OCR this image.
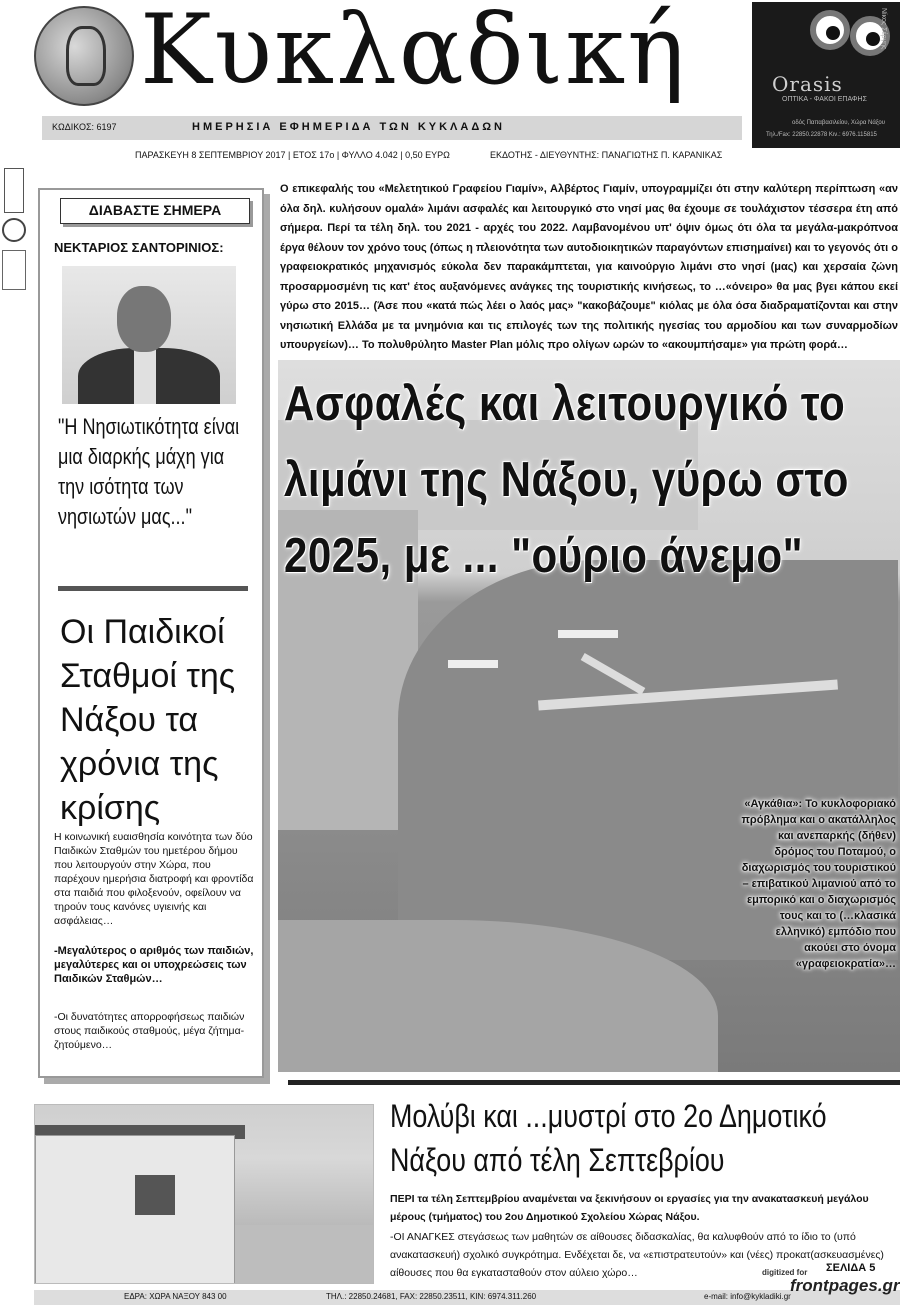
Κυκλαδική	Νίκος Σέργης
Orasis
ΟΠΤΙΚΑ - ΦΑΚΟΙ ΕΠΑΦΗΣ
οδός Παπαβασιλείου, Χώρα Νάξου
Τηλ./Fax: 22850.22878 Κιν.: 6976.115815
ΚΩΔΙΚΟΣ: 6197	ΗΜΕΡΗΣΙΑ ΕΦΗΜΕΡΙΔΑ ΤΩΝ ΚΥΚΛΑΔΩΝ
ΠΑΡΑΣΚΕΥΗ 8 ΣΕΠΤΕΜΒΡΙΟΥ 2017 | ΕΤΟΣ 17ο | ΦΥΛΛΟ 4.042 | 0,50 ΕΥΡΩ	ΕΚΔΟΤΗΣ - ΔΙΕΥΘΥΝΤΗΣ: ΠΑΝΑΓΙΩΤΗΣ Π. ΚΑΡΑΝΙΚΑΣ
ΔΙΑΒΑΣΤΕ ΣΗΜΕΡΑ
ΝΕΚΤΑΡΙΟΣ ΣΑΝΤΟΡΙΝΙΟΣ:
"Η Νησιωτικότητα είναι μια διαρκής μάχη για την ισότητα των νησιωτών μας..."
Οι Παιδικοί Σταθμοί της Νάξου τα χρόνια της κρίσης
Η κοινωνική ευαισθησία κοινότητα των δύο Παιδικών Σταθμών του ημετέρου δήμου που λειτουργούν στην Χώρα, που παρέχουν ημερήσια διατροφή και φροντίδα στα παιδιά που φιλοξενούν, οφείλουν να τηρούν τους κανόνες υγιεινής και ασφάλειας…
-Μεγαλύτερος ο αριθμός των παιδιών, μεγαλύτερες και οι υποχρεώσεις των Παιδικών Σταθμών…
-Οι δυνατότητες απορροφήσεως παιδιών στους παιδικούς σταθμούς, μέγα ζήτημα-ζητούμενο…
Ο επικεφαλής του «Μελετητικού Γραφείου Γιαμίν», Αλβέρτος Γιαμίν, υπογραμμίζει ότι στην καλύτερη περίπτωση «αν όλα δηλ. κυλήσουν ομαλά» λιμάνι ασφαλές και λειτουργικό στο νησί μας θα έχουμε σε τουλάχιστον τέσσερα έτη από σήμερα. Περί τα τέλη δηλ. του 2021 - αρχές του 2022. Λαμβανομένου υπ' όψιν όμως ότι όλα τα μεγάλα-μακρόπνοα έργα θέλουν τον χρόνο τους (όπως η πλειονότητα των αυτοδιοικητικών παραγόντων επισημαίνει) και το γεγονός ότι ο γραφειοκρατικός μηχανισμός εύκολα δεν παρακάμπτεται, για καινούργιο λιμάνι στο νησί (μας) και χερσαία ζώνη προσαρμοσμένη τις κατ' έτος αυξανόμενες ανάγκες της τουριστικής κινήσεως, το …«όνειρο» θα μας βγει κάπου εκεί γύρω στο 2015… (Άσε που «κατά πώς λέει ο λαός μας» "κακοβάζουμε" κιόλας με όλα όσα διαδραματίζονται και στην νησιωτική Ελλάδα με τα μνημόνια και τις επιλογές των της πολιτικής ηγεσίας του αρμοδίου και των συναρμοδίων υπουργείων)… Το πολυθρύλητο Master Plan μόλις προ ολίγων ωρών το «ακουμπήσαμε» για πρώτη φορά…
Ασφαλές και λειτουργικό το λιμάνι της Νάξου, γύρω στο 2025, με ... "ούριο άνεμο"
«Αγκάθια»: Το κυκλοφοριακό πρόβλημα και ο ακατάλληλος και ανεπαρκής (δήθεν) δρόμος του Ποταμού, ο διαχωρισμός του τουριστικού – επιβατικού λιμανιού από το εμπορικό και ο διαχωρισμός τους και το (…κλασικά ελληνικό) εμπόδιο που ακούει στο όνομα «γραφειοκρατία»…
Μολύβι και ...μυστρί στο 2ο Δημοτικό Νάξου από τέλη Σεπτεβρίου
ΠΕΡΙ τα τέλη Σεπτεμβρίου αναμένεται να ξεκινήσουν οι εργασίες για την ανακατασκευή μεγάλου μέρους (τμήματος) του 2ου Δημοτικού Σχολείου Χώρας Νάξου.
-ΟΙ ΑΝΑΓΚΕΣ στεγάσεως των μαθητών σε αίθουσες διδασκαλίας, θα καλυφθούν από το ίδιο το (υπό ανακατασκευή) σχολικό συγκρότημα. Ενδέχεται δε, να «επιστρατευτούν» και (νέες) προκατ(ασκευασμένες) αίθουσες που θα εγκατασταθούν στον αύλειο χώρο…	ΣΕΛΙΔΑ 5
ΕΔΡΑ: ΧΩΡΑ ΝΑΞΟΥ 843 00	ΤΗΛ.: 22850.24681, FAX: 22850.23511, ΚΙΝ: 6974.311.260	e-mail: info@kykladiki.gr
digitized for
frontpages.gr
